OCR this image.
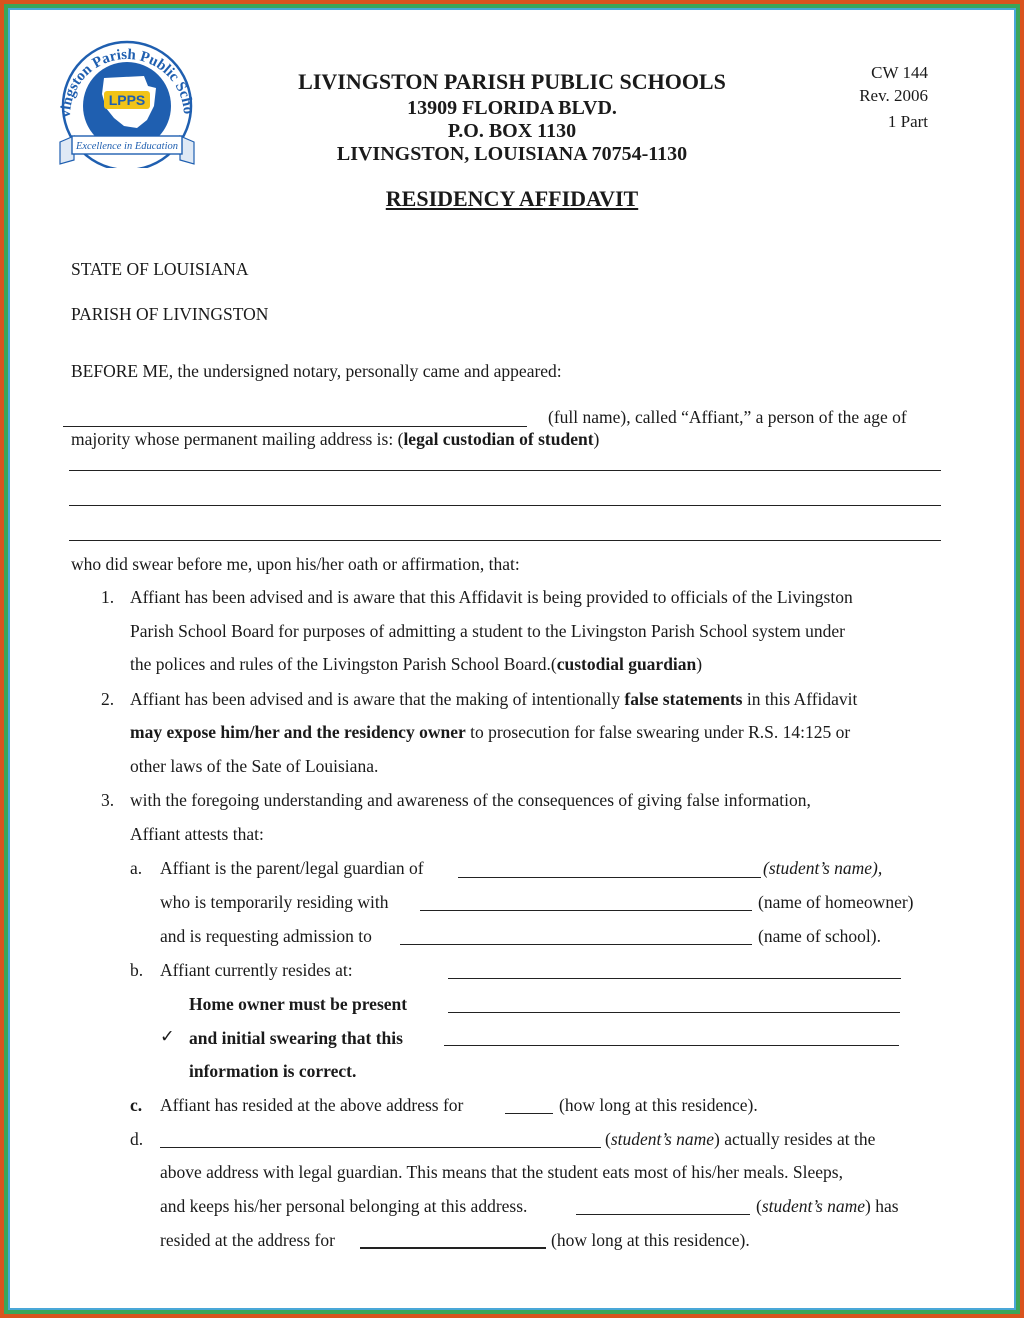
LPPS
vingston Parish Public Scho
Excellence in Education
LIVINGSTON PARISH PUBLIC SCHOOLS
13909 FLORIDA BLVD.
P.O. BOX 1130
LIVINGSTON, LOUISIANA 70754-1130
CW 144
Rev. 2006
1 Part
RESIDENCY AFFIDAVIT
STATE OF LOUISIANA
PARISH OF LIVINGSTON
BEFORE ME, the undersigned notary, personally came and appeared:
(full name), called “Affiant,” a person of the age of
majority whose permanent mailing address is: (legal custodian of student)
who did swear before me, upon his/her oath or affirmation, that:
1. Affiant has been advised and is aware that this Affidavit is being provided to officials of the Livingston
Parish School Board for purposes of admitting a student to the Livingston Parish School system under
the polices and rules of the Livingston Parish School Board.(custodial guardian)
2. Affiant has been advised and is aware that the making of intentionally false statements in this Affidavit
may expose him/her and the residency owner to prosecution for false swearing under R.S. 14:125 or
other laws of the Sate of Louisiana.
3. with the foregoing understanding and awareness of the consequences of giving false information,
Affiant attests that:
a. Affiant is the parent/legal guardian of	(student’s name),
who is temporarily residing with	(name of homeowner)
and is requesting admission to	(name of school).
b. Affiant currently resides at:
Home owner must be present
✓ and initial swearing that this
information is correct.
c. Affiant has resided at the above address for	(how long at this residence).
d.	(student’s name) actually resides at the
above address with legal guardian. This means that the student eats most of his/her meals. Sleeps,
and keeps his/her personal belonging at this address.	(student’s name) has
resided at the address for	(how long at this residence).
